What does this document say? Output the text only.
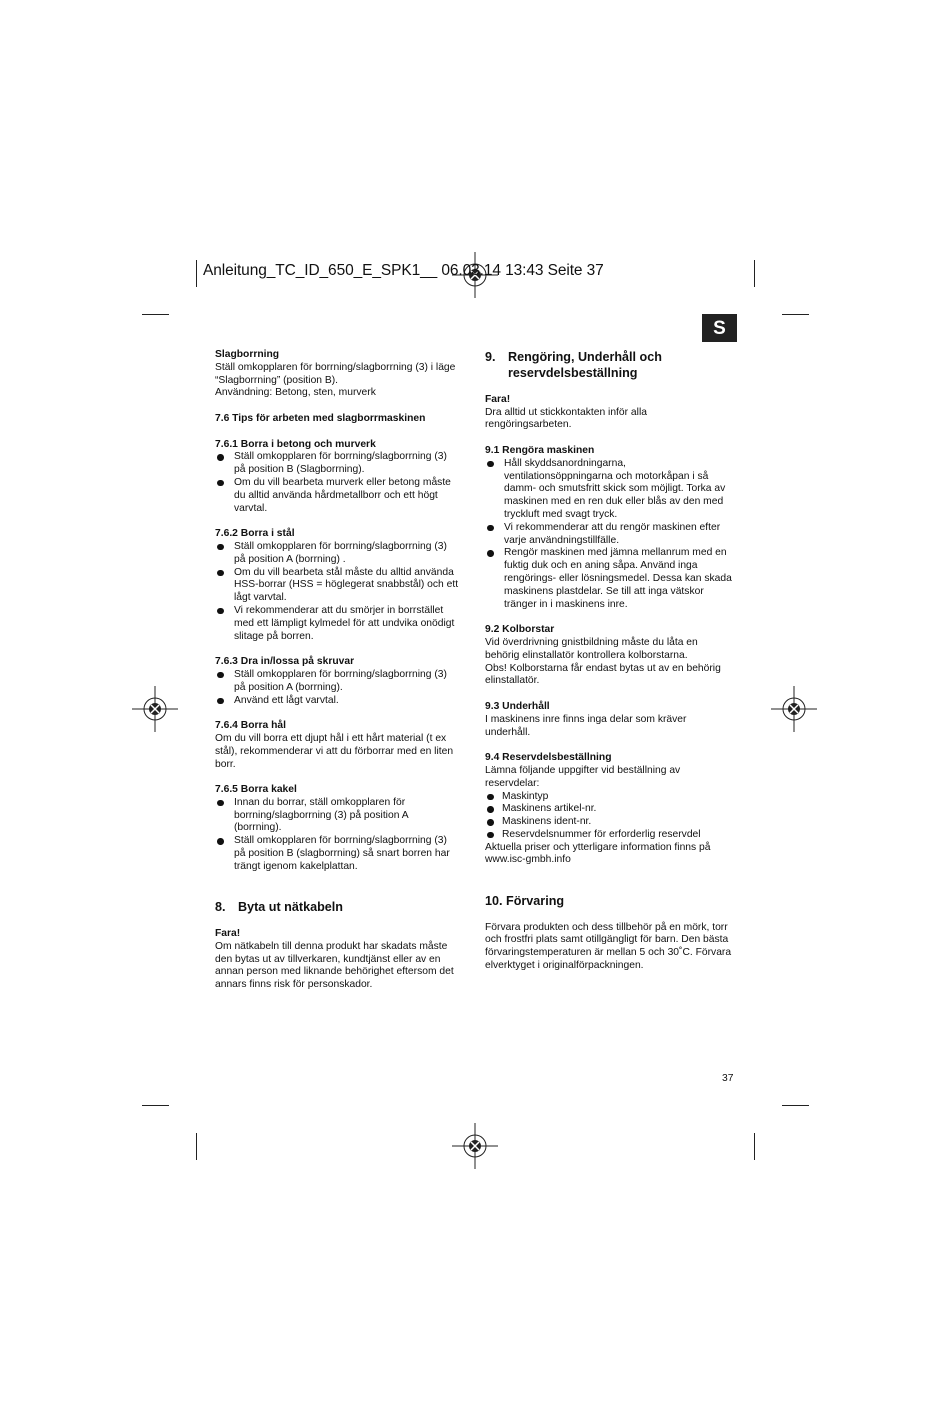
Anleitung_TC_ID_650_E_SPK1__ 06.03.14 13:43 Seite 37
S

Slagborrning

Ställ omkopplaren för borrning/slagborrning (3) i läge

“Slagborrning” (position B).

Användning: Betong, sten, murverk

7.6 Tips för arbeten med slagborrmaskinen

7.6.1 Borra i betong och murverk

Ställ omkopplaren för borrning/slagborrning (3)

på position B (Slagborrning).

Om du vill bearbeta murverk eller betong måste

du alltid använda hårdmetallborr och ett högt

varvtal.

7.6.2 Borra i stål

Ställ omkopplaren för borrning/slagborrning (3)

på position A (borrning) .

Om du vill bearbeta stål måste du alltid använda

HSS-borrar (HSS = höglegerat snabbstål) och ett

lågt varvtal.

Vi rekommenderar att du smörjer in borrstället

med ett lämpligt kylmedel för att undvika onödigt

slitage på borren.

7.6.3 Dra in/lossa på skruvar

Ställ omkopplaren för borrning/slagborrning (3)

på position A (borrning).

Använd ett lågt varvtal.

7.6.4 Borra hål

Om du vill borra ett djupt hål i ett hårt material (t ex

stål), rekommenderar vi att du förborrar med en liten

borr.

7.6.5 Borra kakel

Innan du borrar, ställ omkopplaren för

borrning/slagborrning (3) på position A

(borrning).

Ställ omkopplaren för borrning/slagborrning (3)

på position B (slagborrning) så snart borren har

trängt igenom kakelplattan.

8. Byta ut nätkabeln

Fara!

Om nätkabeln till denna produkt har skadats måste

den bytas ut av tillverkaren, kundtjänst eller av en

annan person med liknande behörighet eftersom det

annars finns risk för personskador.

9. Rengöring, Underhåll och

reservdelsbeställning

Fara!

Dra alltid ut stickkontakten inför alla

rengöringsarbeten.

9.1 Rengöra maskinen

Håll skyddsanordningarna,

ventilationsöppningarna och motorkåpan i så

damm- och smutsfritt skick som möjligt. Torka av

maskinen med en ren duk eller blås av den med

tryckluft med svagt tryck.

Vi rekommenderar att du rengör maskinen efter

varje användningstillfälle.

Rengör maskinen med jämna mellanrum med en

fuktig duk och en aning såpa. Använd inga

rengörings- eller lösningsmedel. Dessa kan skada

maskinens plastdelar. Se till att inga vätskor

tränger in i maskinens inre.

9.2 Kolborstar

Vid överdrivning gnistbildning måste du låta en

behörig elinstallatör kontrollera kolborstarna.

Obs! Kolborstarna får endast bytas ut av en behörig

elinstallatör.

9.3 Underhåll

I maskinens inre finns inga delar som kräver

underhåll.

9.4 Reservdelsbeställning

Lämna följande uppgifter vid beställning av

reservdelar:

Maskintyp

Maskinens artikel-nr.

Maskinens ident-nr.

Reservdelsnummer för erforderlig reservdel

Aktuella priser och ytterligare information finns på

www.isc-gmbh.info

10. Förvaring

Förvara produkten och dess tillbehör på en mörk, torr

och frostfri plats samt otillgängligt för barn. Den bästa

förvaringstemperaturen är mellan 5 och 30˚C. Förvara

elverktyget i originalförpackningen.

37
